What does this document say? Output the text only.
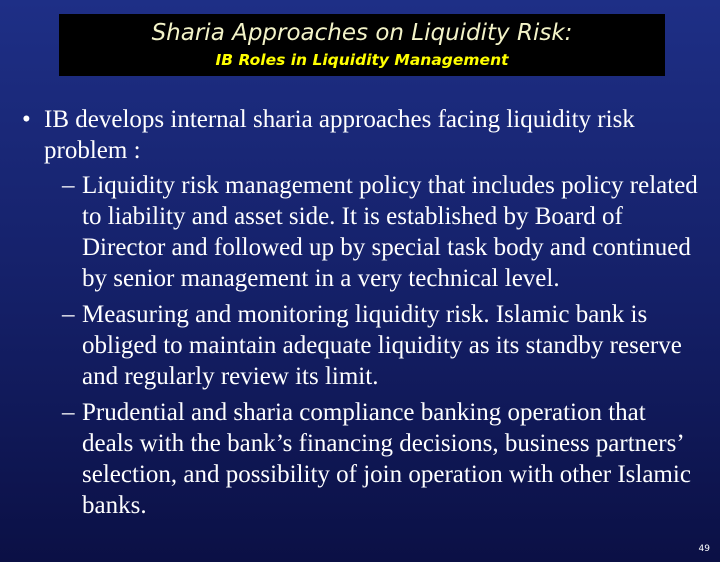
Sharia Approaches on Liquidity Risk:
IB Roles in Liquidity Management
• IB develops internal sharia approaches facing liquidity risk problem :
– Liquidity risk management policy that includes policy related to liability and asset side. It is established by Board of Director and followed up by special task body and continued by senior management in a very technical level.
– Measuring and monitoring liquidity risk. Islamic bank is obliged to maintain adequate liquidity as its standby reserve and regularly review its limit.
– Prudential and sharia compliance banking operation that deals with the bank’s financing decisions, business partners’ selection, and possibility of join operation with other Islamic banks.
49
